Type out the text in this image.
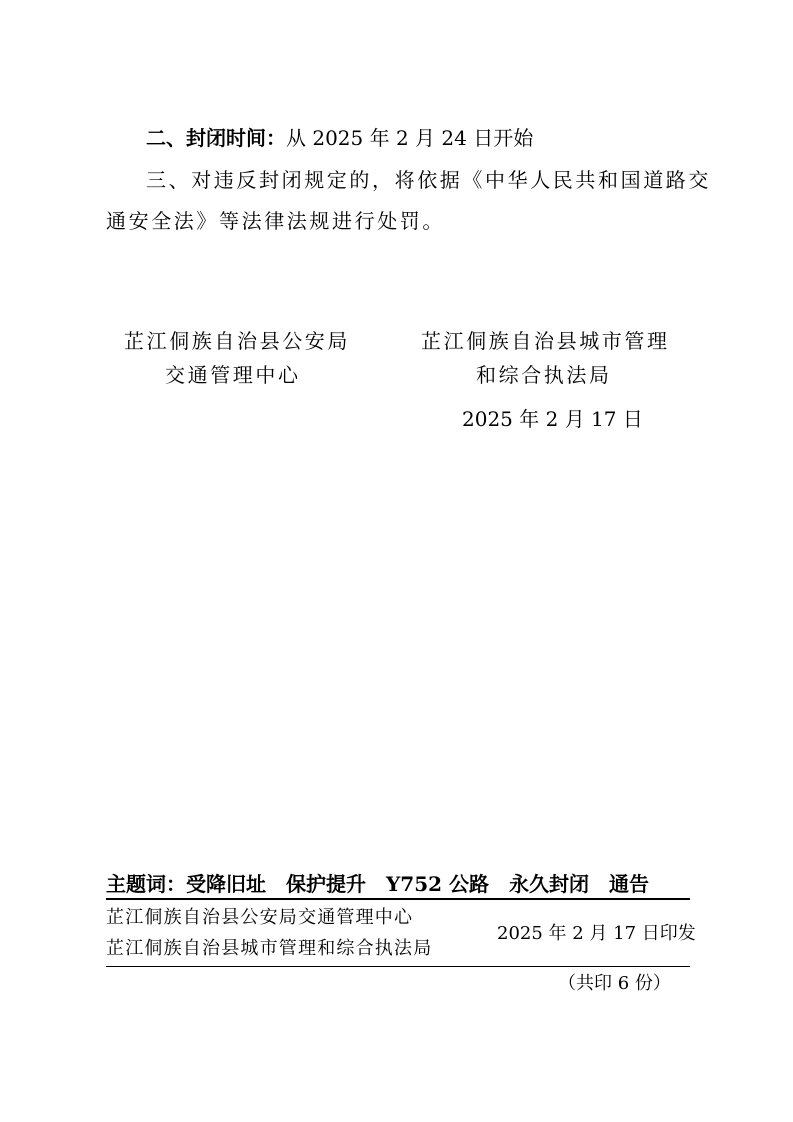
二、封闭时间：从 2025 年 2 月 24 日开始
三、对违反封闭规定的，将依据《中华人民共和国道路交
通安全法》等法律法规进行处罚。
芷江侗族自治县公安局
交通管理中心
芷江侗族自治县城市管理
和综合执法局
2025 年 2 月 17 日
主题词：受降旧址　保护提升　Y752 公路　永久封闭　通告
芷江侗族自治县公安局交通管理中心
芷江侗族自治县城市管理和综合执法局
2025 年 2 月 17 日印发
（共印 6 份）
